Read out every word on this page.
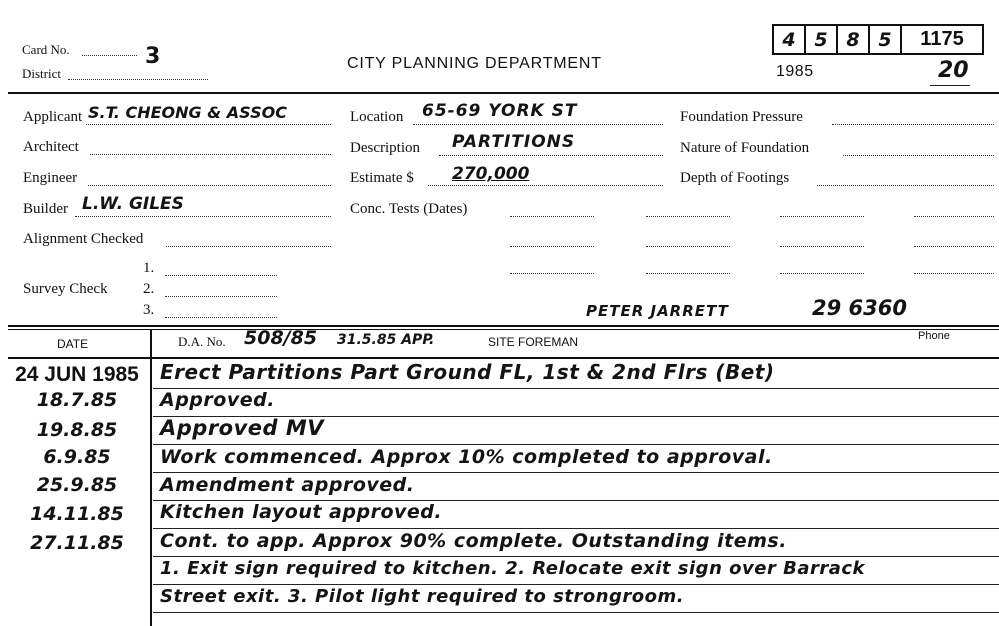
Card No.	3
District
CITY PLANNING DEPARTMENT
4 5 8 5	1175
1985	20
Applicant S.T. CHEONG & ASSOC
Architect
Engineer
Builder L.W. GILES
Alignment Checked
1.
Survey Check 2.
3.
Location 65-69 YORK ST
Description PARTITIONS
Estimate $ 270,000
Conc. Tests (Dates)
Foundation Pressure
Nature of Foundation
Depth of Footings
PETER JARRETT	29 6360
DATE	D.A. No. 508/85 31.5.85 APP.	SITE FOREMAN	Phone
24 JUN 1985	Erect Partitions Part Ground FL, 1st & 2nd Flrs (Bet)
18.7.85	Approved.
19.8.85	Approved MV
6.9.85	Work commenced. Approx 10% completed to approval.
25.9.85	Amendment approved.
14.11.85	Kitchen layout approved.
27.11.85	Cont. to app. Approx 90% complete. Outstanding items.
1. Exit sign required to kitchen. 2. Relocate exit sign over Barrack
Street exit. 3. Pilot light required to strongroom.
